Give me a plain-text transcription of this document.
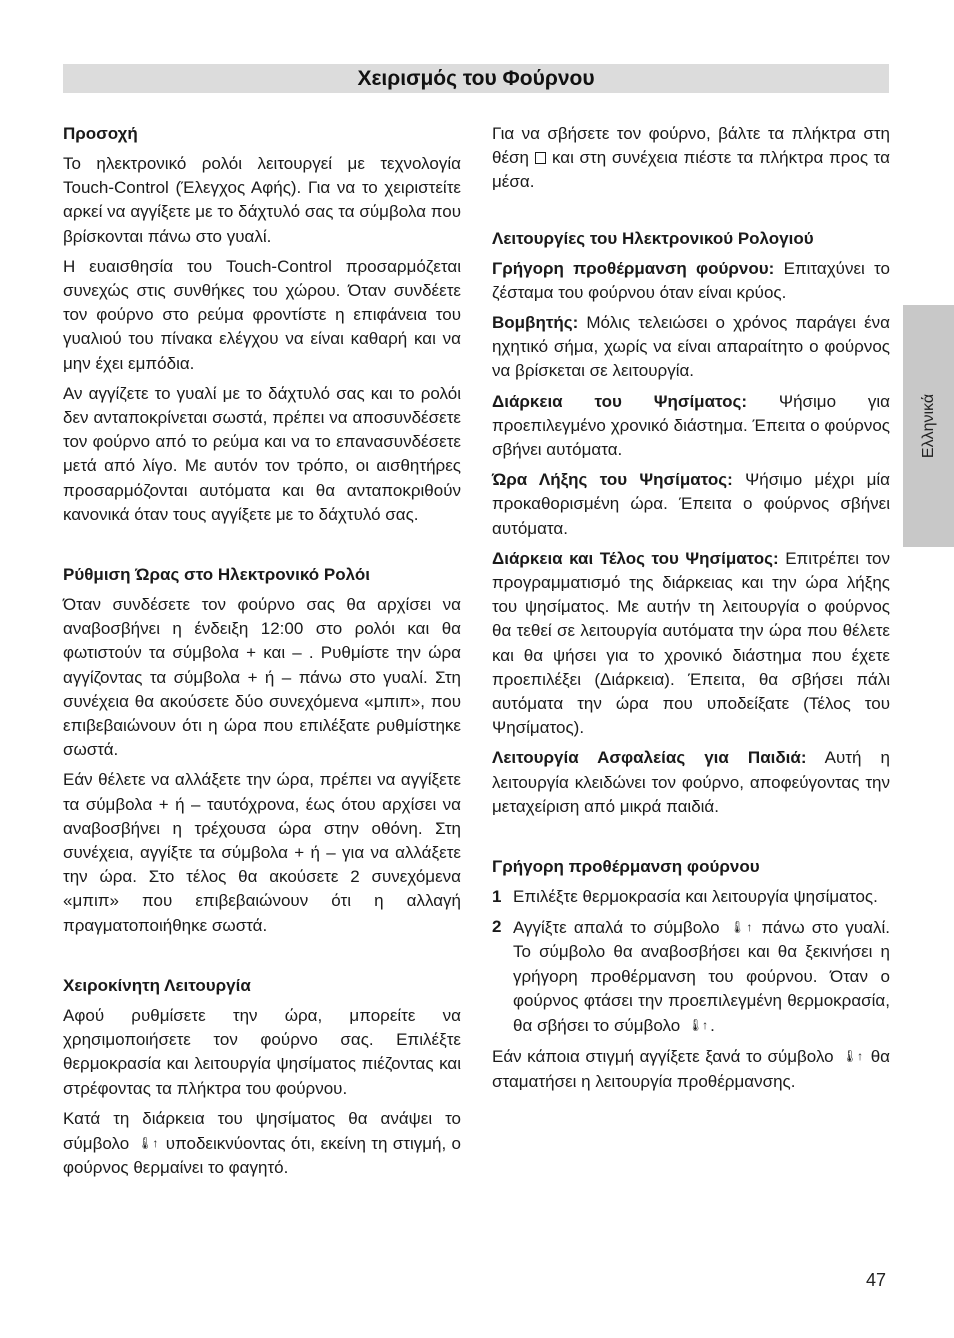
Χειρισμός του Φούρνου
Προσοχή

Το ηλεκτρονικό ρολόι λειτουργεί με τεχνολογία Touch-Control (Έλεγχος Αφής). Για να το χειριστείτε αρκεί να αγγίξετε με το δάχτυλό σας τα σύμβολα που βρίσκονται πάνω στο γυαλί.

Η ευαισθησία του Touch-Control προσαρμόζεται συνεχώς στις συνθήκες του χώρου. Όταν συνδέετε τον φούρνο στο ρεύμα φροντίστε η επιφάνεια του γυαλιού του πίνακα ελέγχου να είναι καθαρή και να μην έχει εμπόδια.

Αν αγγίζετε το γυαλί με το δάχτυλό σας και το ρολόι δεν ανταποκρίνεται σωστά, πρέπει να αποσυνδέσετε τον φούρνο από το ρεύμα και να το επανασυνδέσετε μετά από λίγο. Με αυτόν τον τρόπο, οι αισθητήρες προσαρμόζονται αυτόματα και θα ανταποκριθούν κανονικά όταν τους αγγίξετε με το δάχτυλό σας.

Ρύθμιση Ώρας στο Ηλεκτρονικό Ρολόι

Όταν συνδέσετε τον φούρνο σας θα αρχίσει να αναβοσβήνει η ένδειξη 12:00 στο ρολόι και θα φωτιστούν τα σύμβολα + και – . Ρυθμίστε την ώρα αγγίζοντας τα σύμβολα + ή – πάνω στο γυαλί. Στη συνέχεια θα ακούσετε δύο συνεχόμενα «μπιπ», που επιβεβαιώνουν ότι η ώρα που επιλέξατε ρυθμίστηκε σωστά.

Εάν θέλετε να αλλάξετε την ώρα, πρέπει να αγγίξετε τα σύμβολα + ή – ταυτόχρονα, έως ότου αρχίσει να αναβοσβήνει η τρέχουσα ώρα στην οθόνη. Στη συνέχεια, αγγίξτε τα σύμβολα + ή – για να αλλάξετε την ώρα. Στο τέλος θα ακούσετε 2 συνεχόμενα «μπιπ» που επιβεβαιώνουν ότι η αλλαγή πραγματοποιήθηκε σωστά.

Χειροκίνητη Λειτουργία

Αφού ρυθμίσετε την ώρα, μπορείτε να χρησιμοποιήσετε τον φούρνο σας. Επιλέξτε θερμοκρασία και λειτουργία ψησίματος πιέζοντας και στρέφοντας τα πλήκτρα του φούρνου.

Κατά τη διάρκεια του ψησίματος θα ανάψει το σύμβολο 🌡↑ υποδεικνύοντας ότι, εκείνη τη στιγμή, ο φούρνος θερμαίνει το φαγητό.

Για να σβήσετε τον φούρνο, βάλτε τα πλήκτρα στη θέση και στη συνέχεια πιέστε τα πλήκτρα προς τα μέσα.

Λειτουργίες του Ηλεκτρονικού Ρολογιού

Γρήγορη προθέρμανση φούρνου: Επιταχύνει το ζέσταμα του φούρνου όταν είναι κρύος.

Βομβητής: Μόλις τελειώσει ο χρόνος παράγει ένα ηχητικό σήμα, χωρίς να είναι απαραίτητο ο φούρνος να βρίσκεται σε λειτουργία.

Διάρκεια του Ψησίματος: Ψήσιμο για προεπιλεγμένο χρονικό διάστημα. Έπειτα ο φούρνος σβήνει αυτόματα.

Ώρα Λήξης του Ψησίματος: Ψήσιμο μέχρι μία προκαθορισμένη ώρα. Έπειτα ο φούρνος σβήνει αυτόματα.

Διάρκεια και Τέλος του Ψησίματος: Επιτρέπει τον προγραμματισμό της διάρκειας και την ώρα λήξης του ψησίματος. Με αυτήν τη λειτουργία ο φούρνος θα τεθεί σε λειτουργία αυτόματα την ώρα που θέλετε και θα ψήσει για το χρονικό διάστημα που έχετε προεπιλέξει (Διάρκεια). Έπειτα, θα σβήσει πάλι αυτόματα την ώρα που υποδείξατε (Τέλος του Ψησίματος).

Λειτουργία Ασφαλείας για Παιδιά: Αυτή η λειτουργία κλειδώνει τον φούρνο, αποφεύγοντας την μεταχείριση από μικρά παιδιά.

Γρήγορη προθέρμανση φούρνου
1 Επιλέξτε θερμοκρασία και λειτουργία ψησίματος.
2 Αγγίξτε απαλά το σύμβολο 🌡↑ πάνω στο γυαλί. Το σύμβολο θα αναβοσβήσει και θα ξεκινήσει η γρήγορη προθέρμανση του φούρνου. Όταν ο φούρνος φτάσει την προεπιλεγμένη θερμοκρασία, θα σβήσει το σύμβολο 🌡↑ .

Εάν κάποια στιγμή αγγίξετε ξανά το σύμβολο 🌡↑ θα σταματήσει η λειτουργία προθέρμανσης.

Ελληνικά
47
